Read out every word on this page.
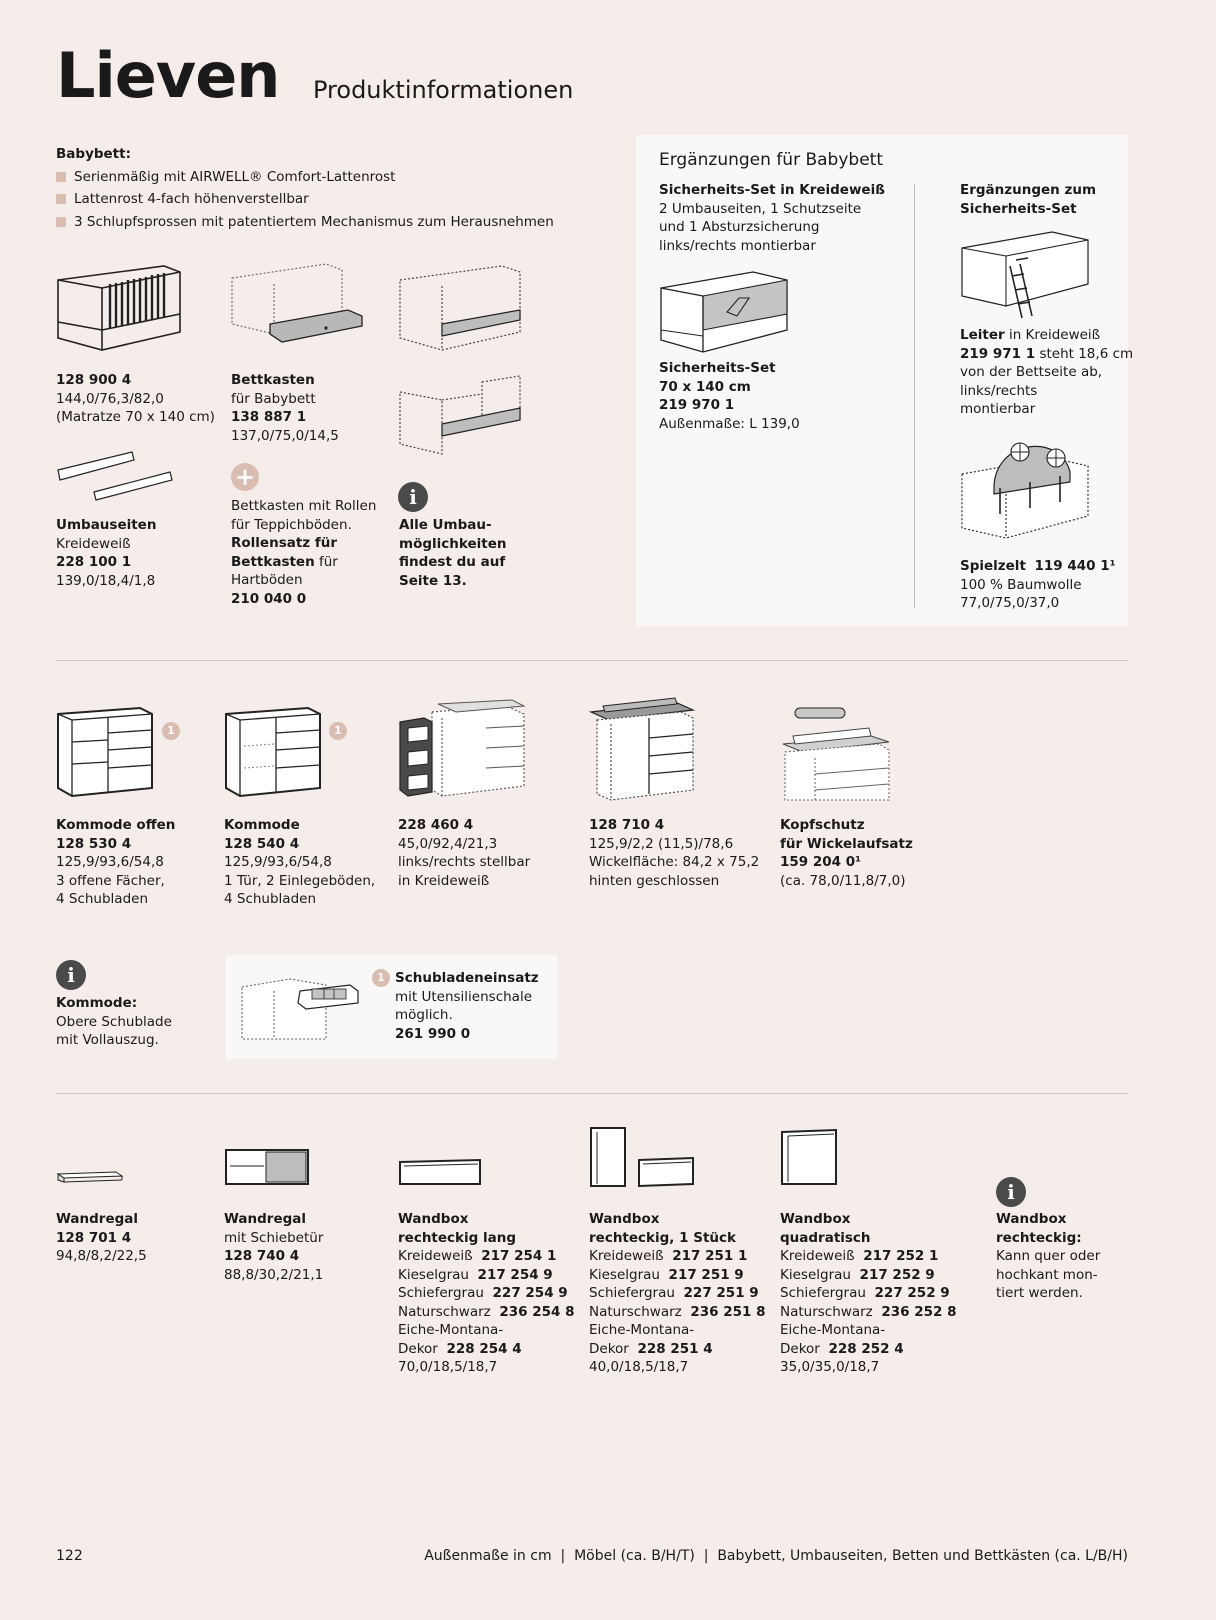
Lieven Produktinformationen
Babybett:
Serienmäßig mit AIRWELL® Comfort-Lattenrost
Lattenrost 4-fach höhenverstellbar
3 Schlupfsprossen mit patentiertem Mechanismus zum Herausnehmen
128 900 4
144,0/76,3/82,0
(Matratze 70 x 140 cm)
Bettkasten
für Babybett
138 887 1
137,0/75,0/14,5
Umbauseiten
Kreideweiß
228 100 1
139,0/18,4/1,8
+
Bettkasten mit Rollen
für Teppichböden.
Rollensatz für
Bettkasten für
Hartböden
210 040 0
i
Alle Umbau-
möglichkeiten
findest du auf
Seite 13.
Ergänzungen für Babybett
Sicherheits-Set in Kreideweiß
2 Umbauseiten, 1 Schutzseite
und 1 Absturzsicherung
links/rechts montierbar
Sicherheits-Set
70 x 140 cm
219 970 1
Außenmaße: L 139,0
Ergänzungen zum
Sicherheits-Set
Leiter in Kreideweiß
219 971 1 steht 18,6 cm
von der Bettseite ab,
links/rechts
montierbar
Spielzelt 119 440 1¹
100 % Baumwolle
77,0/75,0/37,0
1	1
Kommode offen
128 530 4
125,9/93,6/54,8
3 offene Fächer,
4 Schubladen
Kommode
128 540 4
125,9/93,6/54,8
1 Tür, 2 Einlegeböden,
4 Schubladen
228 460 4
45,0/92,4/21,3
links/rechts stellbar
in Kreideweiß
128 710 4
125,9/2,2 (11,5)/78,6
Wickelfläche: 84,2 x 75,2
hinten geschlossen
Kopfschutz
für Wickelaufsatz
159 204 0¹
(ca. 78,0/11,8/7,0)
i
Kommode:
Obere Schublade
mit Vollauszug.
1 Schubladeneinsatz
mit Utensilienschale
möglich.
261 990 0
Wandregal
128 701 4
94,8/8,2/22,5
Wandregal
mit Schiebetür
128 740 4
88,8/30,2/21,1
Wandbox
rechteckig lang
Kreideweiß 217 254 1
Kieselgrau 217 254 9
Schiefergrau 227 254 9
Naturschwarz 236 254 8
Eiche-Montana-
Dekor 228 254 4
70,0/18,5/18,7
Wandbox
rechteckig, 1 Stück
Kreideweiß 217 251 1
Kieselgrau 217 251 9
Schiefergrau 227 251 9
Naturschwarz 236 251 8
Eiche-Montana-
Dekor 228 251 4
40,0/18,5/18,7
Wandbox
quadratisch
Kreideweiß 217 252 1
Kieselgrau 217 252 9
Schiefergrau 227 252 9
Naturschwarz 236 252 8
Eiche-Montana-
Dekor 228 252 4
35,0/35,0/18,7
i
Wandbox
rechteckig:
Kann quer oder
hochkant mon-
tiert werden.
122	Außenmaße in cm  |  Möbel (ca. B/H/T)  |  Babybett, Umbauseiten, Betten und Bettkästen (ca. L/B/H)
